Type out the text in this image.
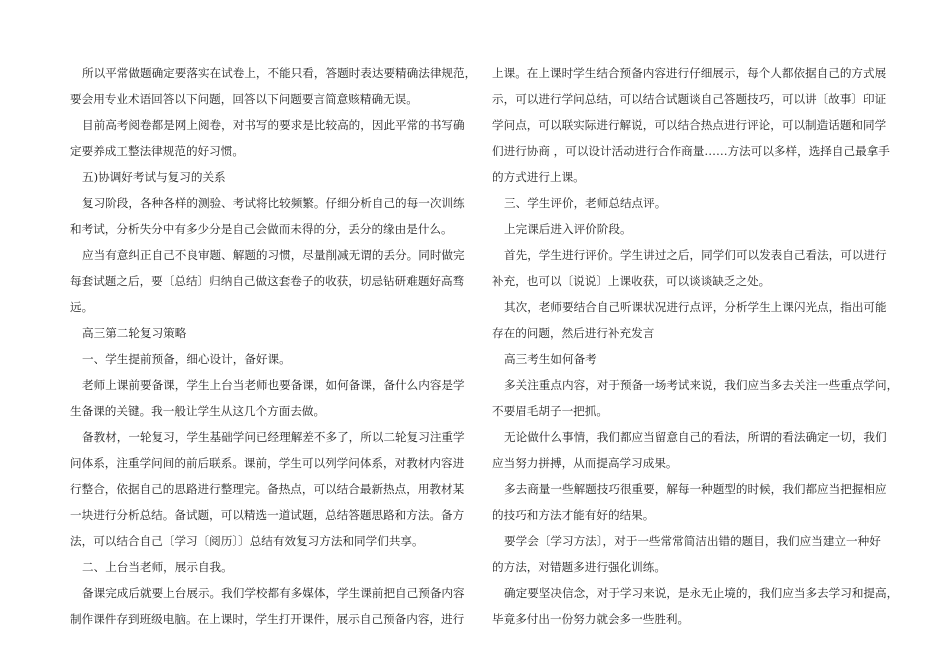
所以平常做题确定要落实在试卷上，不能只看，答题时表达要精确法律规范，

要会用专业术语回答以下问题，回答以下问题要言简意赅精确无误。

目前高考阅卷都是网上阅卷，对书写的要求是比较高的，因此平常的书写确

定要养成工整法律规范的好习惯。

五)协调好考试与复习的关系

复习阶段，各种各样的测验、考试将比较频繁。仔细分析自己的每一次训练

和考试，分析失分中有多少分是自己会做而未得的分，丢分的缘由是什么。

应当有意纠正自己不良审题、解题的习惯，尽量削减无谓的丢分。同时做完

每套试题之后，要〔总结〕归纳自己做这套卷子的收获，切忌钻研难题好高骛

远。

高三第二轮复习策略

一、学生提前预备，细心设计，备好课。

老师上课前要备课，学生上台当老师也要备课，如何备课，备什么内容是学

生备课的关键。我一般让学生从这几个方面去做。

备教材，一轮复习，学生基础学问已经理解差不多了，所以二轮复习注重学

问体系，注重学问间的前后联系。课前，学生可以列学问体系，对教材内容进

行整合，依据自己的思路进行整理完。备热点，可以结合最新热点，用教材某

一块进行分析总结。备试题，可以精选一道试题，总结答题思路和方法。备方

法，可以结合自己〔学习〔阅历〕〕总结有效复习方法和同学们共享。

二、上台当老师，展示自我。

备课完成后就要上台展示。我们学校都有多媒体，学生课前把自己预备内容

制作课件存到班级电脑。在上课时，学生打开课件，展示自己预备内容，进行

上课。在上课时学生结合预备内容进行仔细展示，每个人都依据自己的方式展

示，可以进行学问总结，可以结合试题谈自己答题技巧，可以讲〔故事〕印证

学问点，可以联实际进行解说，可以结合热点进行评论，可以制造话题和同学

们进行协商 ，可以设计活动进行合作商量……方法可以多样，选择自己最拿手

的方式进行上课。

三、学生评价，老师总结点评。

上完课后进入评价阶段。

首先，学生进行评价。学生讲过之后，同学们可以发表自己看法，可以进行

补充，也可以〔说说〕上课收获，可以谈谈缺乏之处。

其次，老师要结合自己听课状况进行点评，分析学生上课闪光点，指出可能

存在的问题，然后进行补充发言

高三考生如何备考

多关注重点内容，对于预备一场考试来说，我们应当多去关注一些重点学问，

不要眉毛胡子一把抓。

无论做什么事情，我们都应当留意自己的看法，所谓的看法确定一切，我们

应当努力拼搏，从而提高学习成果。

多去商量一些解题技巧很重要，解每一种题型的时候，我们都应当把握相应

的技巧和方法才能有好的结果。

要学会〔学习方法〕，对于一些常常简洁出错的题目，我们应当建立一种好

的方法，对错题多进行强化训练。

确定要坚决信念，对于学习来说，是永无止境的，我们应当多去学习和提高，

毕竟多付出一份努力就会多一些胜利。
